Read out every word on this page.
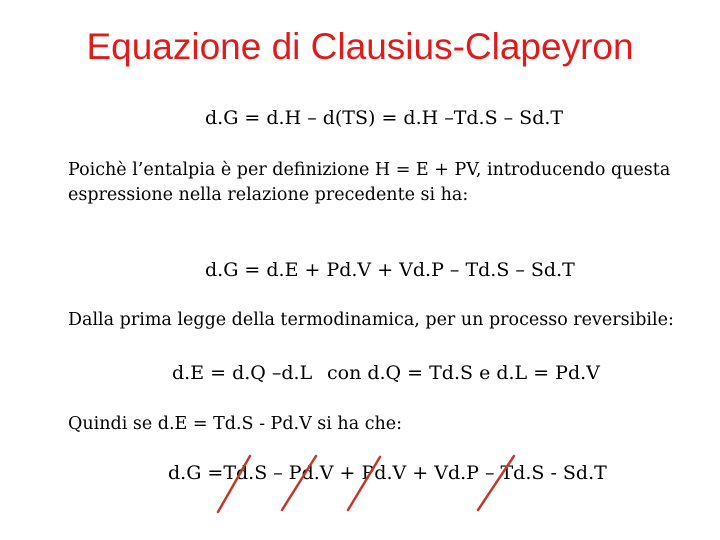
Equazione di Clausius-Clapeyron
d.G = d.H – d(TS) = d.H –Td.S – Sd.T
Poichè l’entalpia è per definizione H = E + PV, introducendo questa espressione nella relazione precedente si ha:
d.G = d.E + Pd.V + Vd.P – Td.S – Sd.T
Dalla prima legge della termodinamica, per un processo reversibile:
d.E = d.Q –d.L con d.Q = Td.S e d.L = Pd.V
Quindi se d.E = Td.S - Pd.V si ha che:
d.G =Td.S – Pd.V + Pd.V + Vd.P – Td.S - Sd.T
